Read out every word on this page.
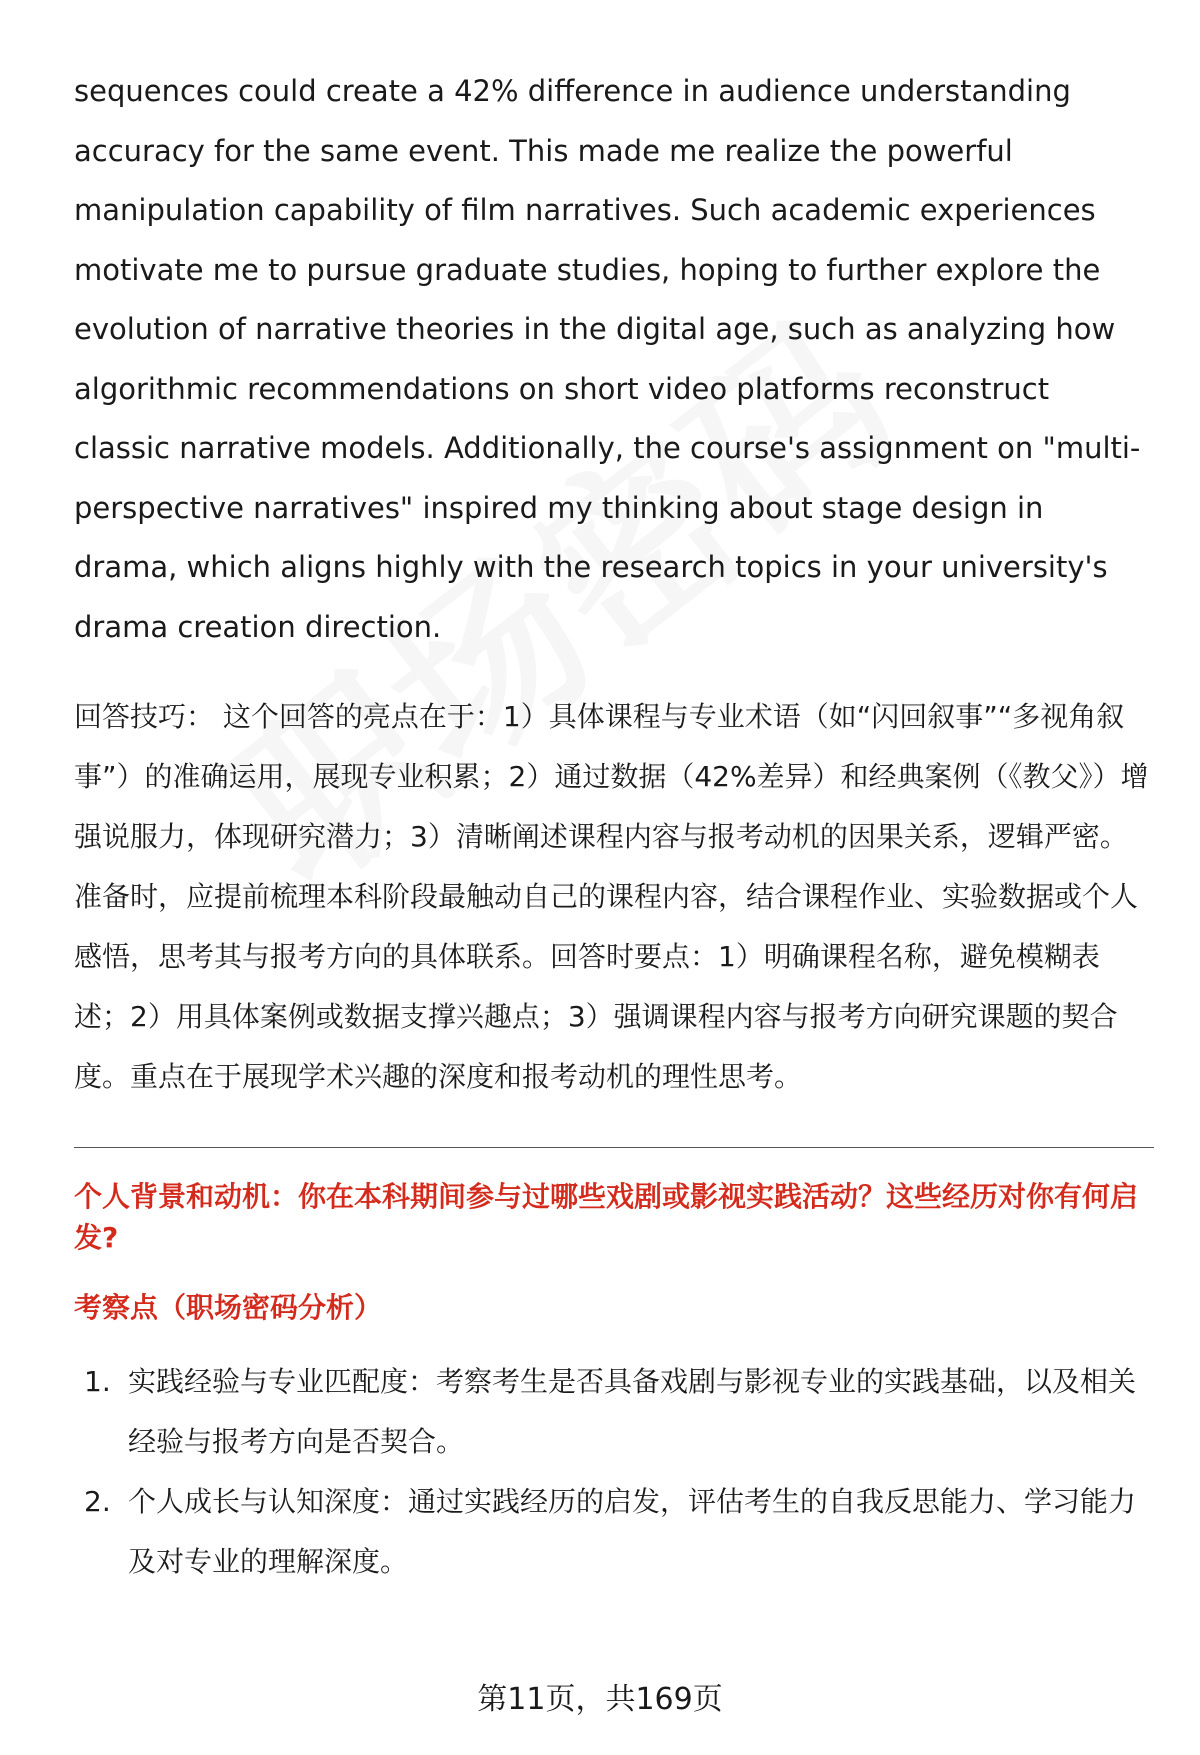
sequences could create a 42% difference in audience understanding accuracy for the same event. This made me realize the powerful manipulation capability of film narratives. Such academic experiences motivate me to pursue graduate studies, hoping to further explore the evolution of narrative theories in the digital age, such as analyzing how algorithmic recommendations on short video platforms reconstruct classic narrative models. Additionally, the course's assignment on "multi-perspective narratives" inspired my thinking about stage design in drama, which aligns highly with the research topics in your university's drama creation direction.

回答技巧： 这个回答的亮点在于：1）具体课程与专业术语（如“闪回叙事”“多视角叙事”）的准确运用，展现专业积累；2）通过数据（42%差异）和经典案例（《教父》）增强说服力，体现研究潜力；3）清晰阐述课程内容与报考动机的因果关系，逻辑严密。

准备时，应提前梳理本科阶段最触动自己的课程内容，结合课程作业、实验数据或个人感悟，思考其与报考方向的具体联系。回答时要点：1）明确课程名称，避免模糊表述；2）用具体案例或数据支撑兴趣点；3）强调课程内容与报考方向研究课题的契合度。重点在于展现学术兴趣的深度和报考动机的理性思考。

个人背景和动机：你在本科期间参与过哪些戏剧或影视实践活动？这些经历对你有何启发?

考察点（职场密码分析）

1. 实践经验与专业匹配度：考察考生是否具备戏剧与影视专业的实践基础，以及相关经验与报考方向是否契合。
2. 个人成长与认知深度：通过实践经历的启发，评估考生的自我反思能力、学习能力及对专业的理解深度。
第11页，共169页
